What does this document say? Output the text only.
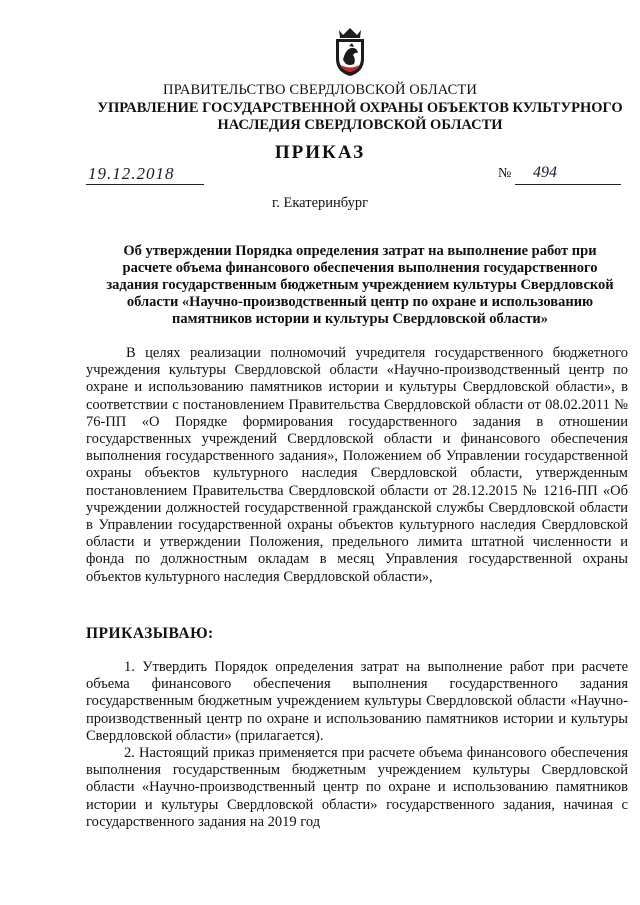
ПРАВИТЕЛЬСТВО СВЕРДЛОВСКОЙ ОБЛАСТИ
УПРАВЛЕНИЕ ГОСУДАРСТВЕННОЙ ОХРАНЫ ОБЪЕКТОВ КУЛЬТУРНОГО НАСЛЕДИЯ СВЕРДЛОВСКОЙ ОБЛАСТИ
ПРИКАЗ
19.12.2018	№ 494
г. Екатеринбург
Об утверждении Порядка определения затрат на выполнение работ при расчете объема финансового обеспечения выполнения государственного задания государственным бюджетным учреждением культуры Свердловской области «Научно-производственный центр по охране и использованию памятников истории и культуры Свердловской области»

В целях реализации полномочий учредителя государственного бюджетного учреждения культуры Свердловской области «Научно-производственный центр по охране и использованию памятников истории и культуры Свердловской области», в соответствии с постановлением Правительства Свердловской области от 08.02.2011 № 76-ПП «О Порядке формирования государственного задания в отношении государственных учреждений Свердловской области и финансового обеспечения выполнения государственного задания», Положением об Управлении государственной охраны объектов культурного наследия Свердловской области, утвержденным постановлением Правительства Свердловской области от 28.12.2015 № 1216-ПП «Об учреждении должностей государственной гражданской службы Свердловской области в Управлении государственной охраны объектов культурного наследия Свердловской области и утверждении Положения, предельного лимита штатной численности и фонда по должностным окладам в месяц Управления государственной охраны объектов культурного наследия Свердловской области»,

ПРИКАЗЫВАЮ:

1. Утвердить Порядок определения затрат на выполнение работ при расчете объема финансового обеспечения выполнения государственного задания государственным бюджетным учреждением культуры Свердловской области «Научно-производственный центр по охране и использованию памятников истории и культуры Свердловской области» (прилагается).

2. Настоящий приказ применяется при расчете объема финансового обеспечения выполнения государственным бюджетным учреждением культуры Свердловской области «Научно-производственный центр по охране и использованию памятников истории и культуры Свердловской области» государственного задания, начиная с государственного задания на 2019 год
